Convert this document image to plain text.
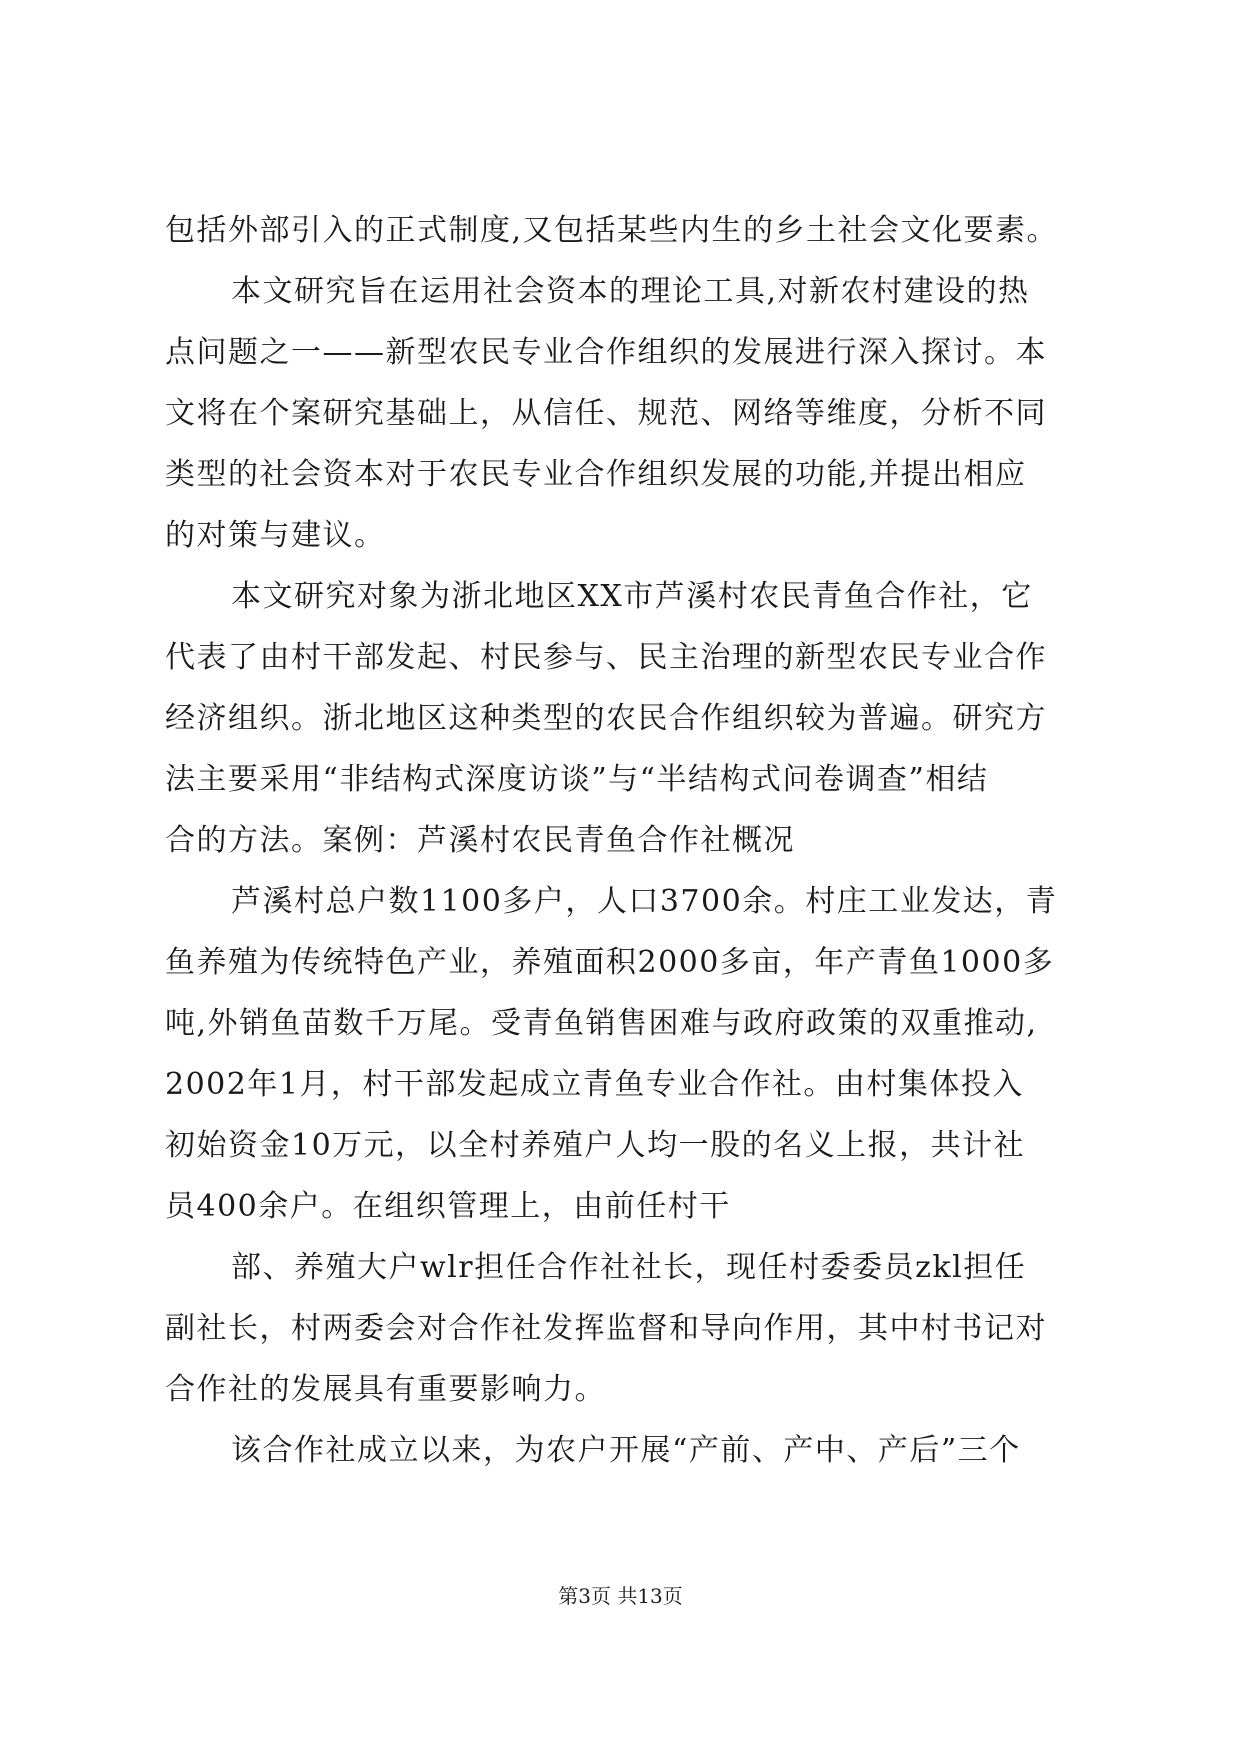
包括外部引入的正式制度,又包括某些内生的乡土社会文化要素。
本文研究旨在运用社会资本的理论工具,对新农村建设的热
点问题之一——新型农民专业合作组织的发展进行深入探讨。本
文将在个案研究基础上，从信任、规范、网络等维度，分析不同
类型的社会资本对于农民专业合作组织发展的功能,并提出相应
的对策与建议。
本文研究对象为浙北地区XX市芦溪村农民青鱼合作社，它
代表了由村干部发起、村民参与、民主治理的新型农民专业合作
经济组织。浙北地区这种类型的农民合作组织较为普遍。研究方
法主要采用“非结构式深度访谈”与“半结构式问卷调查”相结
合的方法。案例：芦溪村农民青鱼合作社概况
芦溪村总户数1100多户，人口3700余。村庄工业发达，青
鱼养殖为传统特色产业，养殖面积2000多亩，年产青鱼1000多
吨,外销鱼苗数千万尾。受青鱼销售困难与政府政策的双重推动,
2002年1月，村干部发起成立青鱼专业合作社。由村集体投入
初始资金10万元，以全村养殖户人均一股的名义上报，共计社
员400余户。在组织管理上，由前任村干
部、养殖大户wlr担任合作社社长，现任村委委员zkl担任
副社长，村两委会对合作社发挥监督和导向作用，其中村书记对
合作社的发展具有重要影响力。
该合作社成立以来，为农户开展“产前、产中、产后”三个
第3页 共13页
